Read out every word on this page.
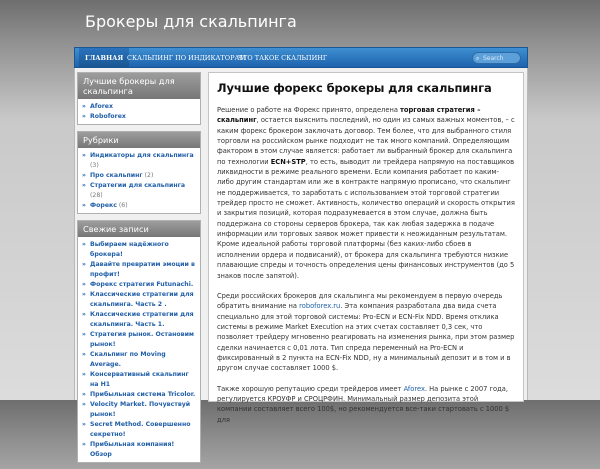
Брокеры для скальпинга
ГЛАВНАЯ СКАЛЬПИНГ ПО ИНДИКАТОРАМ
ЧТО ТАКОЕ СКАЛЬПИНГ	⌕ Search
Лучшие брокеры для скальпинга
» Aforex
» Roboforex
Рубрики
» Индикаторы для скальпинга (3)
» Про скальпинг (2)
» Стратегии для скальпинга (28)
» Форекс (6)
Свежие записи
» Выбираем надёжного брокера!
» Давайте превратим эмоции в профит!
» Форекс стратегия Futunachi.
» Классические стратегии для скальпинга. Часть 2 .
» Классические стратегии для скальпинга. Часть 1.
» Стратегия рынок. Остановим рынок!
» Скальпинг по Moving Average.
» Консервативный скальпинг на Н1
» Прибыльная система Tricolor.
» Velocity Market. Почувствуй рынок!
» Secret Method. Совершенно секретно!
» Прибыльная компания! Обзор
Лучшие форекс брокеры для скальпинга

Решение о работе на Форекс принято, определена торговая стратегия – скальпинг, остается выяснить последний, но один из самых важных моментов, – с каким форекс брокером заключать договор. Тем более, что для выбранного стиля торговли на российском рынке подходит не так много компаний. Определяющим фактором в этом случае является: работает ли выбранный брокер для скальпинга по технологии ECN+STP, то есть, выводит ли трейдера напрямую на поставщиков ликвидности в режиме реального времени. Если компания работает по каким-либо другим стандартам или же в контракте напрямую прописано, что скальпинг не поддерживается, то заработать с использованием этой торговой стратегии трейдер просто не сможет. Активность, количество операций и скорость открытия и закрытия позиций, которая подразумевается в этом случае, должна быть поддержана со стороны серверов брокера, так как любая задержка в подаче информации или торговых заявок может привести к неожиданным результатам. Кроме идеальной работы торговой платформы (без каких-либо сбоев в исполнении ордера и подвисаний), от брокера для скальпинга требуются низкие плавающие спреды и точность определения цены финансовых инструментов (до 5 знаков после запятой).

Среди российских брокеров для скальпинга мы рекомендуем в первую очередь обратить внимание на roboforex.ru. Эта компания разработала два вида счета специально для этой торговой системы: Pro-ECN и ECN-Fix NDD. Время отклика системы в режиме Market Execution на этих счетах составляет 0,3 сек, что позволяет трейдеру мгновенно реагировать на изменения рынка, при этом размер сделки начинается с 0,01 лота. Тип спреда переменный на Pro-ECN и фиксированный в 2 пункта на ECN-Fix NDD, ну а минимальный депозит и в том и в другом случае составляет 1000 $.

Также хорошую репутацию среди трейдеров имеет Aforex. На рынке с 2007 года, регулируется КРОУФР и СРОЦРФИН. Минимальный размер депозита этой компании составляет всего 100$, но рекомендуется все-таки стартовать с 1000 $ для
